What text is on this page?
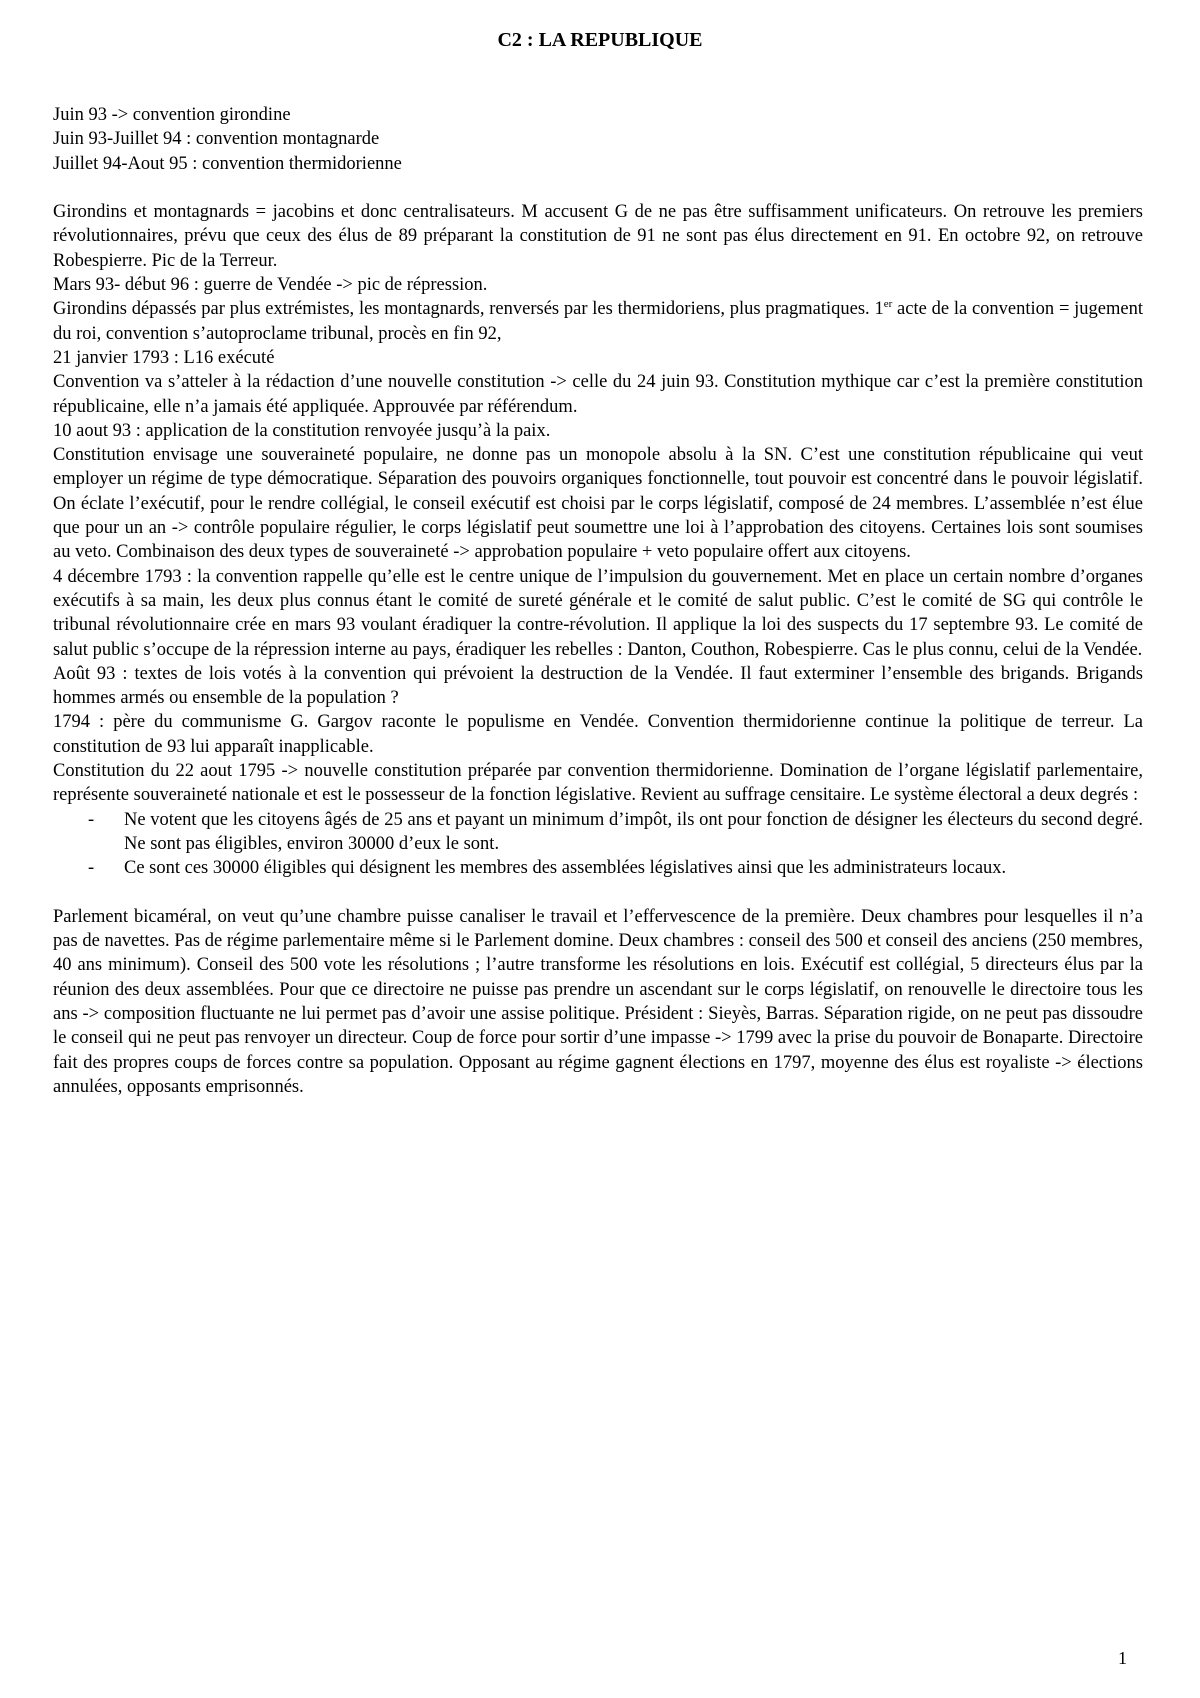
C2 : LA REPUBLIQUE
Juin 93 -> convention girondine
Juin 93-Juillet 94 : convention montagnarde
Juillet 94-Aout 95 : convention thermidorienne
Girondins et montagnards = jacobins et donc centralisateurs. M accusent G de ne pas être suffisamment unificateurs. On retrouve les premiers révolutionnaires, prévu que ceux des élus de 89 préparant la constitution de 91 ne sont pas élus directement en 91. En octobre 92, on retrouve Robespierre. Pic de la Terreur.
Mars 93- début 96 : guerre de Vendée -> pic de répression.
Girondins dépassés par plus extrémistes, les montagnards, renversés par les thermidoriens, plus pragmatiques. 1er acte de la convention = jugement du roi, convention s’autoproclame tribunal, procès en fin 92,
21 janvier 1793 : L16 exécuté
Convention va s’atteler à la rédaction d’une nouvelle constitution -> celle du 24 juin 93. Constitution mythique car c’est la première constitution républicaine, elle n’a jamais été appliquée. Approuvée par référendum.
10 aout 93 : application de la constitution renvoyée jusqu’à la paix.
Constitution envisage une souveraineté populaire, ne donne pas un monopole absolu à la SN. C’est une constitution républicaine qui veut employer un régime de type démocratique. Séparation des pouvoirs organiques fonctionnelle, tout pouvoir est concentré dans le pouvoir législatif. On éclate l’exécutif, pour le rendre collégial, le conseil exécutif est choisi par le corps législatif, composé de 24 membres. L’assemblée n’est élue que pour un an -> contrôle populaire régulier, le corps législatif peut soumettre une loi à l’approbation des citoyens. Certaines lois sont soumises au veto. Combinaison des deux types de souveraineté -> approbation populaire + veto populaire offert aux citoyens.
4 décembre 1793 : la convention rappelle qu’elle est le centre unique de l’impulsion du gouvernement. Met en place un certain nombre d’organes exécutifs à sa main, les deux plus connus étant le comité de sureté générale et le comité de salut public. C’est le comité de SG qui contrôle le tribunal révolutionnaire crée en mars 93 voulant éradiquer la contre-révolution. Il applique la loi des suspects du 17 septembre 93. Le comité de salut public s’occupe de la répression interne au pays, éradiquer les rebelles : Danton, Couthon, Robespierre. Cas le plus connu, celui de la Vendée.
Août 93 : textes de lois votés à la convention qui prévoient la destruction de la Vendée. Il faut exterminer l’ensemble des brigands. Brigands hommes armés ou ensemble de la population ?
1794 : père du communisme G. Gargov raconte le populisme en Vendée. Convention thermidorienne continue la politique de terreur. La constitution de 93 lui apparaît inapplicable.
Constitution du 22 aout 1795 -> nouvelle constitution préparée par convention thermidorienne. Domination de l’organe législatif parlementaire, représente souveraineté nationale et est le possesseur de la fonction législative. Revient au suffrage censitaire. Le système électoral a deux degrés :
- Ne votent que les citoyens âgés de 25 ans et payant un minimum d’impôt, ils ont pour fonction de désigner les électeurs du second degré. Ne sont pas éligibles, environ 30000 d’eux le sont.
- Ce sont ces 30000 éligibles qui désignent les membres des assemblées législatives ainsi que les administrateurs locaux.
Parlement bicaméral, on veut qu’une chambre puisse canaliser le travail et l’effervescence de la première. Deux chambres pour lesquelles il n’a pas de navettes. Pas de régime parlementaire même si le Parlement domine. Deux chambres : conseil des 500 et conseil des anciens (250 membres, 40 ans minimum). Conseil des 500 vote les résolutions ; l’autre transforme les résolutions en lois. Exécutif est collégial, 5 directeurs élus par la réunion des deux assemblées. Pour que ce directoire ne puisse pas prendre un ascendant sur le corps législatif, on renouvelle le directoire tous les ans -> composition fluctuante ne lui permet pas d’avoir une assise politique. Président : Sieyès, Barras. Séparation rigide, on ne peut pas dissoudre le conseil qui ne peut pas renvoyer un directeur. Coup de force pour sortir d’une impasse -> 1799 avec la prise du pouvoir de Bonaparte. Directoire fait des propres coups de forces contre sa population. Opposant au régime gagnent élections en 1797, moyenne des élus est royaliste -> élections annulées, opposants emprisonnés.
1
